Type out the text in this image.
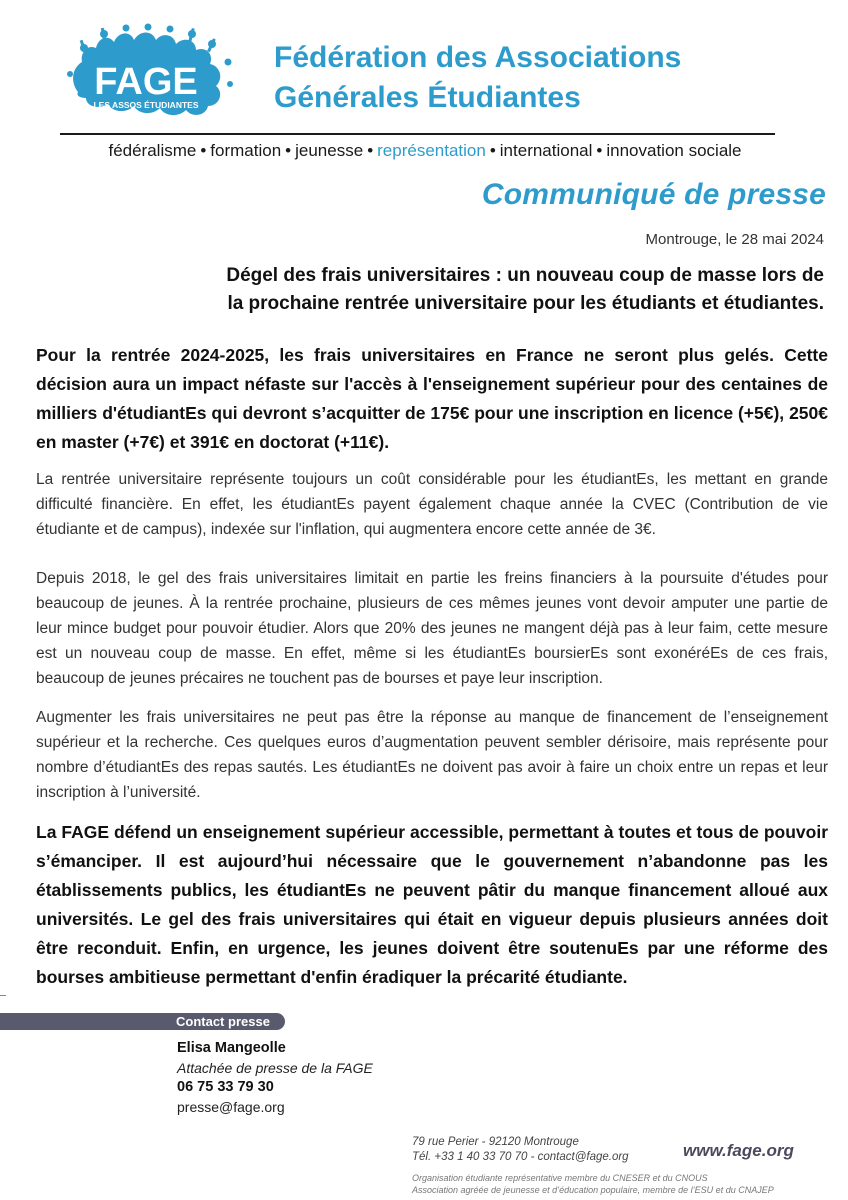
FAGE
LES ASSOS ÉTUDIANTES
Fédération des Associations
Générales Étudiantes
fédéralisme • formation • jeunesse • représentation • international • innovation sociale
Communiqué de presse
Montrouge, le 28 mai 2024
Dégel des frais universitaires : un nouveau coup de masse lors de
la prochaine rentrée universitaire pour les étudiants et étudiantes.
Pour la rentrée 2024-2025, les frais universitaires en France ne seront plus gelés. Cette décision aura un impact néfaste sur l'accès à l'enseignement supérieur pour des centaines de milliers d'étudiantEs qui devront s’acquitter de 175€ pour une inscription en licence (+5€), 250€ en master (+7€) et 391€ en doctorat (+11€).
La rentrée universitaire représente toujours un coût considérable pour les étudiantEs, les mettant en grande difficulté financière. En effet, les étudiantEs payent également chaque année la CVEC (Contribution de vie étudiante et de campus), indexée sur l'inflation, qui augmentera encore cette année de 3€.
Depuis 2018, le gel des frais universitaires limitait en partie les freins financiers à la poursuite d'études pour beaucoup de jeunes. À la rentrée prochaine, plusieurs de ces mêmes jeunes vont devoir amputer une partie de leur mince budget pour pouvoir étudier. Alors que 20% des jeunes ne mangent déjà pas à leur faim, cette mesure est un nouveau coup de masse. En effet, même si les étudiantEs boursierEs sont exonéréEs de ces frais, beaucoup de jeunes précaires ne touchent pas de bourses et paye leur inscription.
Augmenter les frais universitaires ne peut pas être la réponse au manque de financement de l’enseignement supérieur et la recherche. Ces quelques euros d’augmentation peuvent sembler dérisoire, mais représente pour nombre d’étudiantEs des repas sautés. Les étudiantEs ne doivent pas avoir à faire un choix entre un repas et leur inscription à l’université.
La FAGE défend un enseignement supérieur accessible, permettant à toutes et tous de pouvoir s’émanciper. Il est aujourd’hui nécessaire que le gouvernement n’abandonne pas les établissements publics, les étudiantEs ne peuvent pâtir du manque financement alloué aux universités. Le gel des frais universitaires qui était en vigueur depuis plusieurs années doit être reconduit. Enfin, en urgence, les jeunes doivent être soutenuEs par une réforme des bourses ambitieuse permettant d'enfin éradiquer la précarité étudiante.
Contact presse
Elisa Mangeolle
Attachée de presse de la FAGE
06 75 33 79 30
presse@fage.org
79 rue Perier - 92120 Montrouge
Tél. +33 1 40 33 70 70 - contact@fage.org	www.fage.org
Organisation étudiante représentative membre du CNESER et du CNOUS
Association agréée de jeunesse et d’éducation populaire, membre de l’ESU et du CNAJEP
